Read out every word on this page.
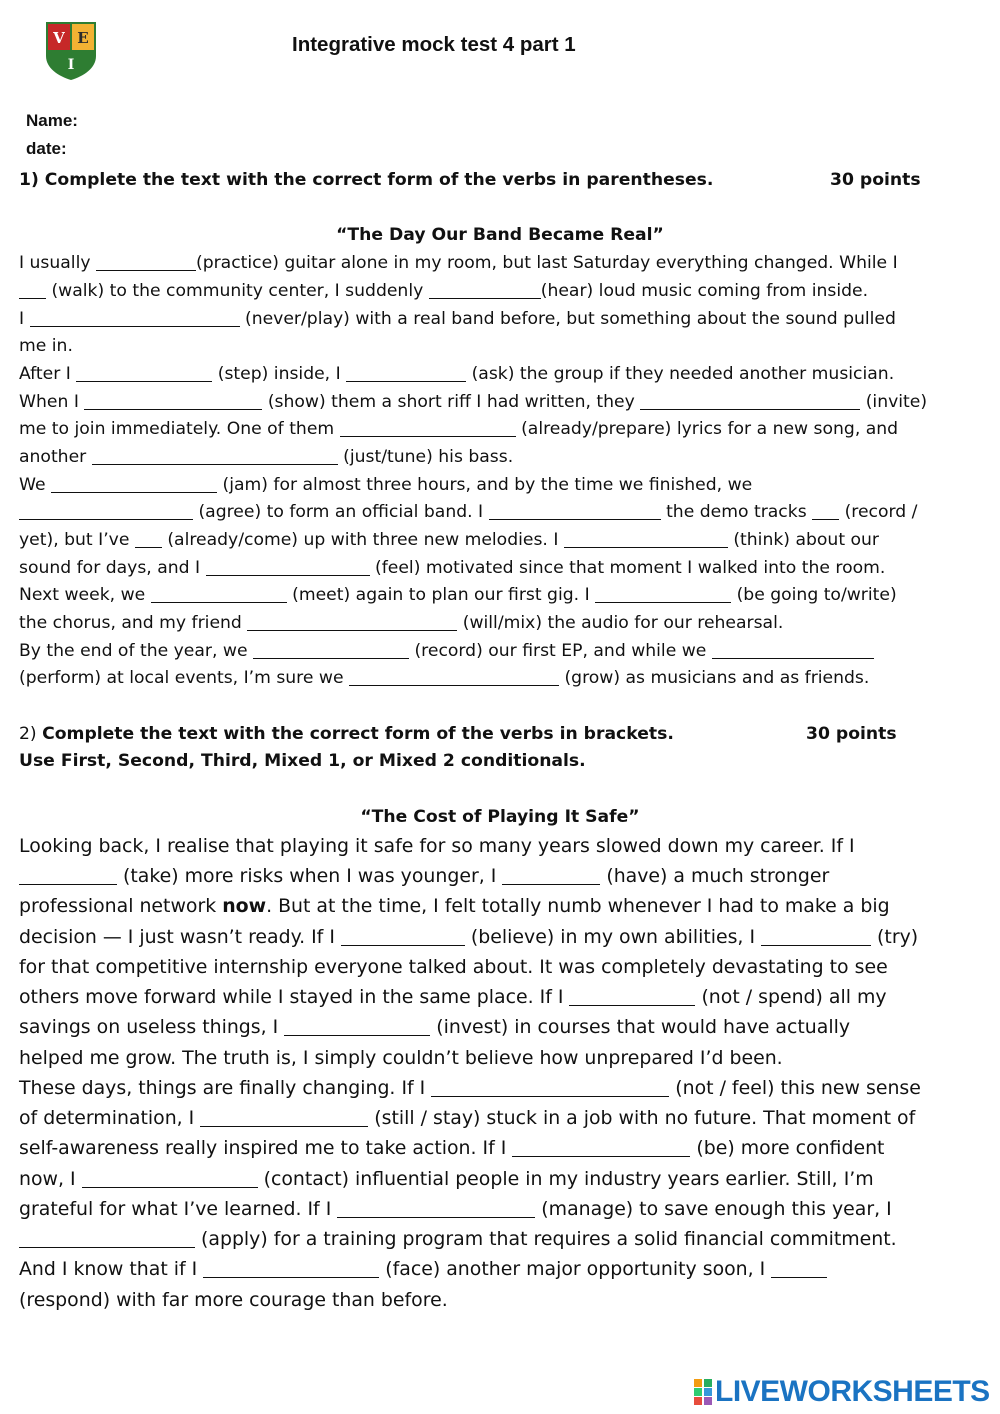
V E
I
Integrative mock test 4 part 1
Name:
date:
1) Complete the text with the correct form of the verbs in parentheses.	30 points
“The Day Our Band Became Real”
I usually	(practice) guitar alone in my room, but last Saturday everything changed. While I
(walk) to the community center, I suddenly	(hear) loud music coming from inside.
I	(never/play) with a real band before, but something about the sound pulled
me in.
After I	(step) inside, I	(ask) the group if they needed another musician.
When I	(show) them a short riff I had written, they	(invite)
me to join immediately. One of them	(already/prepare) lyrics for a new song, and
another	(just/tune) his bass.
We	(jam) for almost three hours, and by the time we finished, we
(agree) to form an official band. I	the demo tracks  (record /
yet), but I’ve  (already/come) up with three new melodies. I	(think) about our
sound for days, and I	(feel) motivated since that moment I walked into the room.
Next week, we	(meet) again to plan our first gig. I	(be going to/write)
the chorus, and my friend	(will/mix) the audio for our rehearsal.
By the end of the year, we	(record) our first EP, and while we
(perform) at local events, I’m sure we	(grow) as musicians and as friends.
2) Complete the text with the correct form of the verbs in brackets.	30 points
Use First, Second, Third, Mixed 1, or Mixed 2 conditionals.
“The Cost of Playing It Safe”
Looking back, I realise that playing it safe for so many years slowed down my career. If I
(take) more risks when I was younger, I	(have) a much stronger
professional network now. But at the time, I felt totally numb whenever I had to make a big
decision — I just wasn’t ready. If I	(believe) in my own abilities, I	(try)
for that competitive internship everyone talked about. It was completely devastating to see
others move forward while I stayed in the same place. If I	(not / spend) all my
savings on useless things, I	(invest) in courses that would have actually
helped me grow. The truth is, I simply couldn’t believe how unprepared I’d been.
These days, things are finally changing. If I	(not / feel) this new sense
of determination, I	(still / stay) stuck in a job with no future. That moment of
self-awareness really inspired me to take action. If I	(be) more confident
now, I	(contact) influential people in my industry years earlier. Still, I’m
grateful for what I’ve learned. If I	(manage) to save enough this year, I
(apply) for a training program that requires a solid financial commitment.
And I know that if I	(face) another major opportunity soon, I
(respond) with far more courage than before.
LIVEWORKSHEETS
